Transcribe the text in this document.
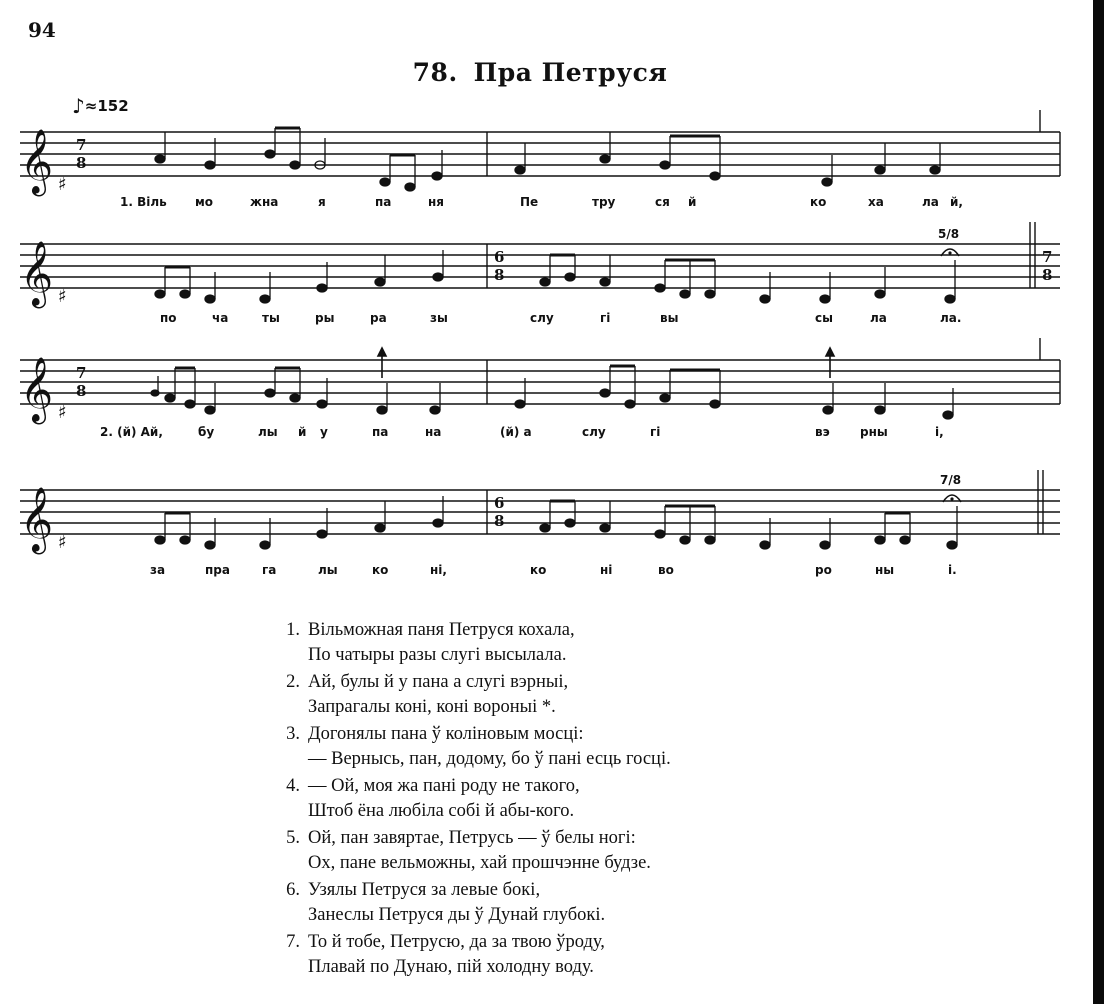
94
78. Пра Петруся
♪≈152
𝄞 ♯
7
8
1. Віль мо	жна	я	па	ня	Пе	тру	ся й	ко	ха	ла й,
𝄞 ♯
6
8
7
8
5/8
по	ча	ты	ры	ра	зы	слу	гі	вы	сы	ла	ла.
𝄞 ♯
7
8
2. (й) Ай,	бу	лы й у	па	на	(й) а	слу	гі	вэ	рны	і,
𝄞 ♯
6
8
7/8
за	пра	га	лы	ко	ні,	ко	ні	во	ро	ны	і.
1. Вільможная паня Петруся кохала,
По чатыры разы слугі высылала.
2. Ай, булы й у пана а слугі вэрныі,
Запрагалы коні, коні вороныі *.
3. Догонялы пана ў коліновым мосці:
— Вернысь, пан, додому, бо ў пані есць госці.
4. — Ой, моя жа пані роду не такого,
Штоб ёна любіла собі й абы-кого.
5. Ой, пан завяртае, Петрусь — ў белы ногі:
Ох, пане вельможны, хай прошчэнне будзе.
6. Узялы Петруся за левые бокі,
Занеслы Петруся ды ў Дунай глубокі.
7. То й тобе, Петрусю, да за твою ўроду,
Плавай по Дунаю, пій холодну воду.
